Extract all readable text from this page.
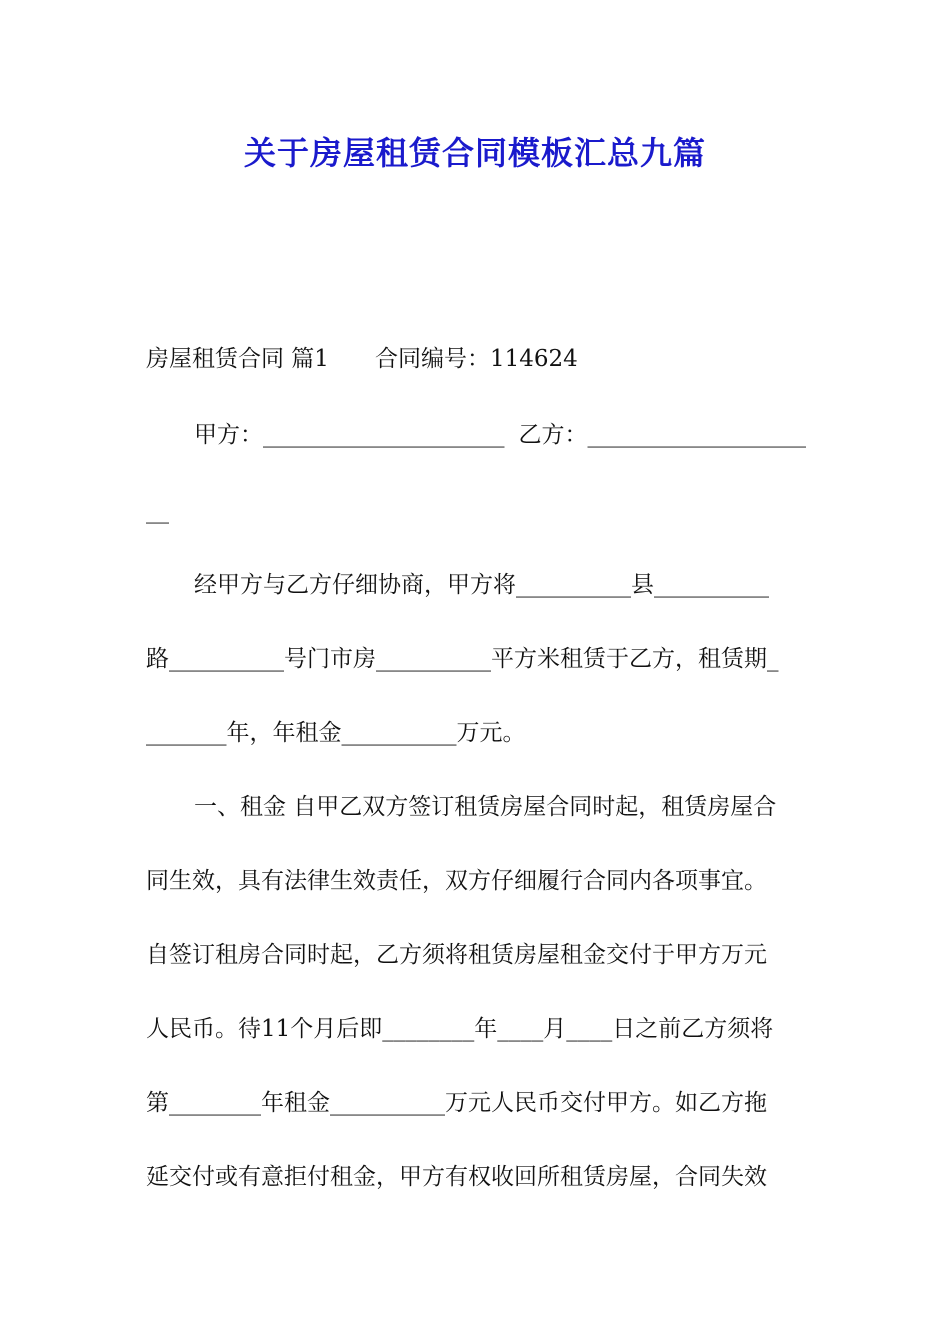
关于房屋租赁合同模板汇总九篇
房屋租赁合同 篇1 合同编号：114624
甲方：_____________________ 乙方：___________________
__
经甲方与乙方仔细协商，甲方将__________县__________
路__________号门市房__________平方米租赁于乙方，租赁期_
_______年，年租金__________万元。
一、租金 自甲乙双方签订租赁房屋合同时起，租赁房屋合
同生效，具有法律生效责任，双方仔细履行合同内各项事宜。
自签订租房合同时起，乙方须将租赁房屋租金交付于甲方万元
人民币。待11个月后即________年____月____日之前乙方须将
第________年租金__________万元人民币交付甲方。如乙方拖
延交付或有意拒付租金，甲方有权收回所租赁房屋，合同失效
